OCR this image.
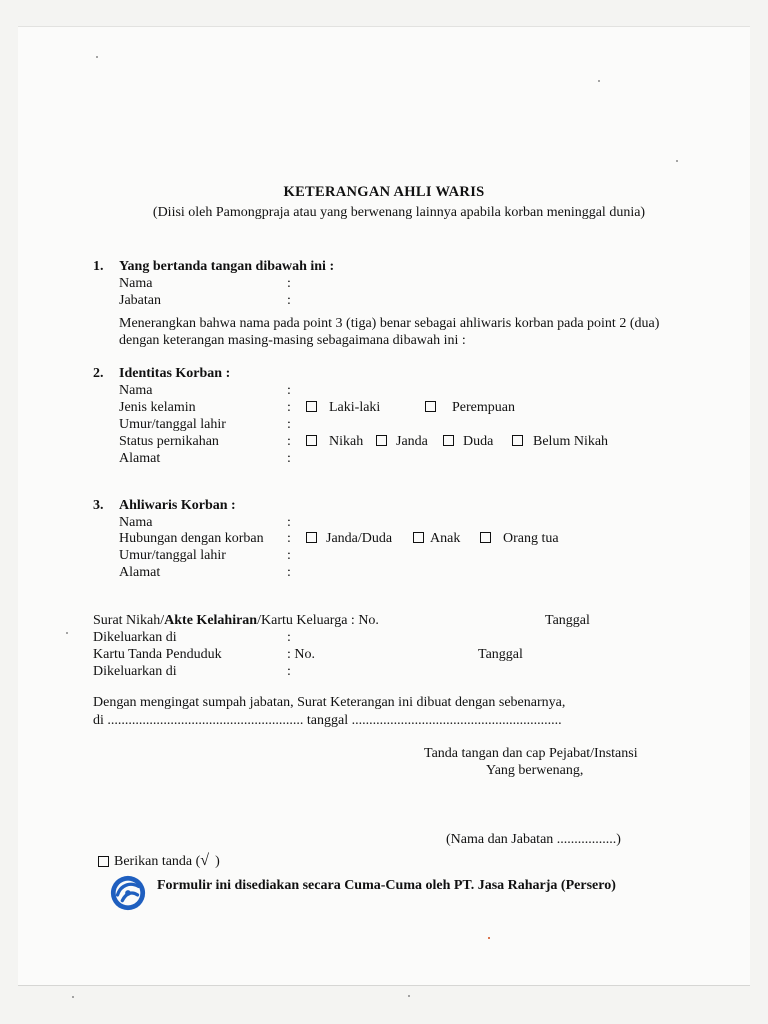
KETERANGAN AHLI WARIS
(Diisi oleh Pamongpraja atau yang berwenang lainnya apabila korban meninggal dunia)
1. Yang bertanda tangan dibawah ini :
Nama	:
Jabatan	:
Menerangkan bahwa nama pada point 3 (tiga) benar sebagai ahliwaris korban pada point 2 (dua)
dengan keterangan masing-masing sebagaimana dibawah ini :
2. Identitas Korban :
Nama	:
Jenis kelamin	:	Laki-laki	Perempuan
Umur/tanggal lahir	:
Status pernikahan	:	Nikah Janda	Duda	Belum Nikah
Alamat	:
3. Ahliwaris Korban :
Nama	:
Hubungan dengan korban :	Janda/Duda	Anak	Orang tua
Umur/tanggal lahir	:
Alamat	:
Surat Nikah/Akte Kelahiran/Kartu Keluarga : No.	Tanggal
Dikeluarkan di	:
Kartu Tanda Penduduk	: No.	Tanggal
Dikeluarkan di	:
Dengan mengingat sumpah jabatan, Surat Keterangan ini dibuat dengan sebenarnya,
di ........................................................ tanggal ............................................................
Tanda tangan dan cap Pejabat/Instansi
Yang berwenang,
(Nama dan Jabatan .................)
Berikan tanda (√ )
Formulir ini disediakan secara Cuma-Cuma oleh PT. Jasa Raharja (Persero)
